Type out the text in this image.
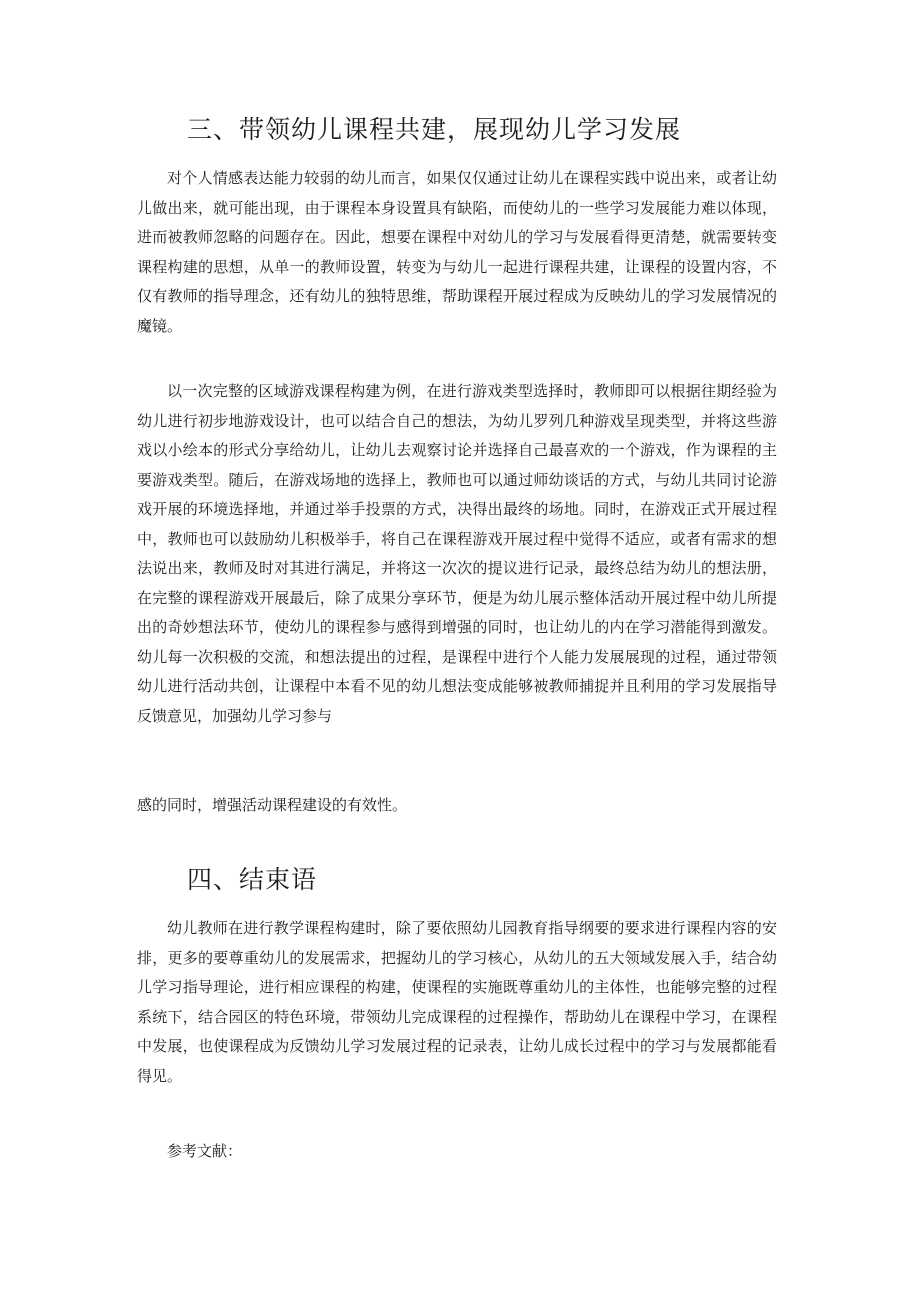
三、带领幼儿课程共建，展现幼儿学习发展

对个人情感表达能力较弱的幼儿而言，如果仅仅通过让幼儿在课程实践中说出来，或者让幼儿做出来，就可能出现，由于课程本身设置具有缺陷，而使幼儿的一些学习发展能力难以体现，进而被教师忽略的问题存在。因此，想要在课程中对幼儿的学习与发展看得更清楚，就需要转变课程构建的思想，从单一的教师设置，转变为与幼儿一起进行课程共建，让课程的设置内容，不仅有教师的指导理念，还有幼儿的独特思维，帮助课程开展过程成为反映幼儿的学习发展情况的魔镜。

以一次完整的区域游戏课程构建为例，在进行游戏类型选择时，教师即可以根据往期经验为幼儿进行初步地游戏设计，也可以结合自己的想法，为幼儿罗列几种游戏呈现类型，并将这些游戏以小绘本的形式分享给幼儿，让幼儿去观察讨论并选择自己最喜欢的一个游戏，作为课程的主要游戏类型。随后，在游戏场地的选择上，教师也可以通过师幼谈话的方式，与幼儿共同讨论游戏开展的环境选择地，并通过举手投票的方式，决得出最终的场地。同时，在游戏正式开展过程中，教师也可以鼓励幼儿积极举手，将自己在课程游戏开展过程中觉得不适应，或者有需求的想法说出来，教师及时对其进行满足，并将这一次次的提议进行记录，最终总结为幼儿的想法册，在完整的课程游戏开展最后，除了成果分享环节，便是为幼儿展示整体活动开展过程中幼儿所提出的奇妙想法环节，使幼儿的课程参与感得到增强的同时，也让幼儿的内在学习潜能得到激发。幼儿每一次积极的交流，和想法提出的过程，是课程中进行个人能力发展展现的过程，通过带领幼儿进行活动共创，让课程中本看不见的幼儿想法变成能够被教师捕捉并且利用的学习发展指导反馈意见，加强幼儿学习参与

感的同时，增强活动课程建设的有效性。

四、结束语

幼儿教师在进行教学课程构建时，除了要依照幼儿园教育指导纲要的要求进行课程内容的安排，更多的要尊重幼儿的发展需求，把握幼儿的学习核心，从幼儿的五大领域发展入手，结合幼儿学习指导理论，进行相应课程的构建，使课程的实施既尊重幼儿的主体性，也能够完整的过程系统下，结合园区的特色环境，带领幼儿完成课程的过程操作，帮助幼儿在课程中学习，在课程中发展，也使课程成为反馈幼儿学习发展过程的记录表，让幼儿成长过程中的学习与发展都能看得见。

参考文献：
